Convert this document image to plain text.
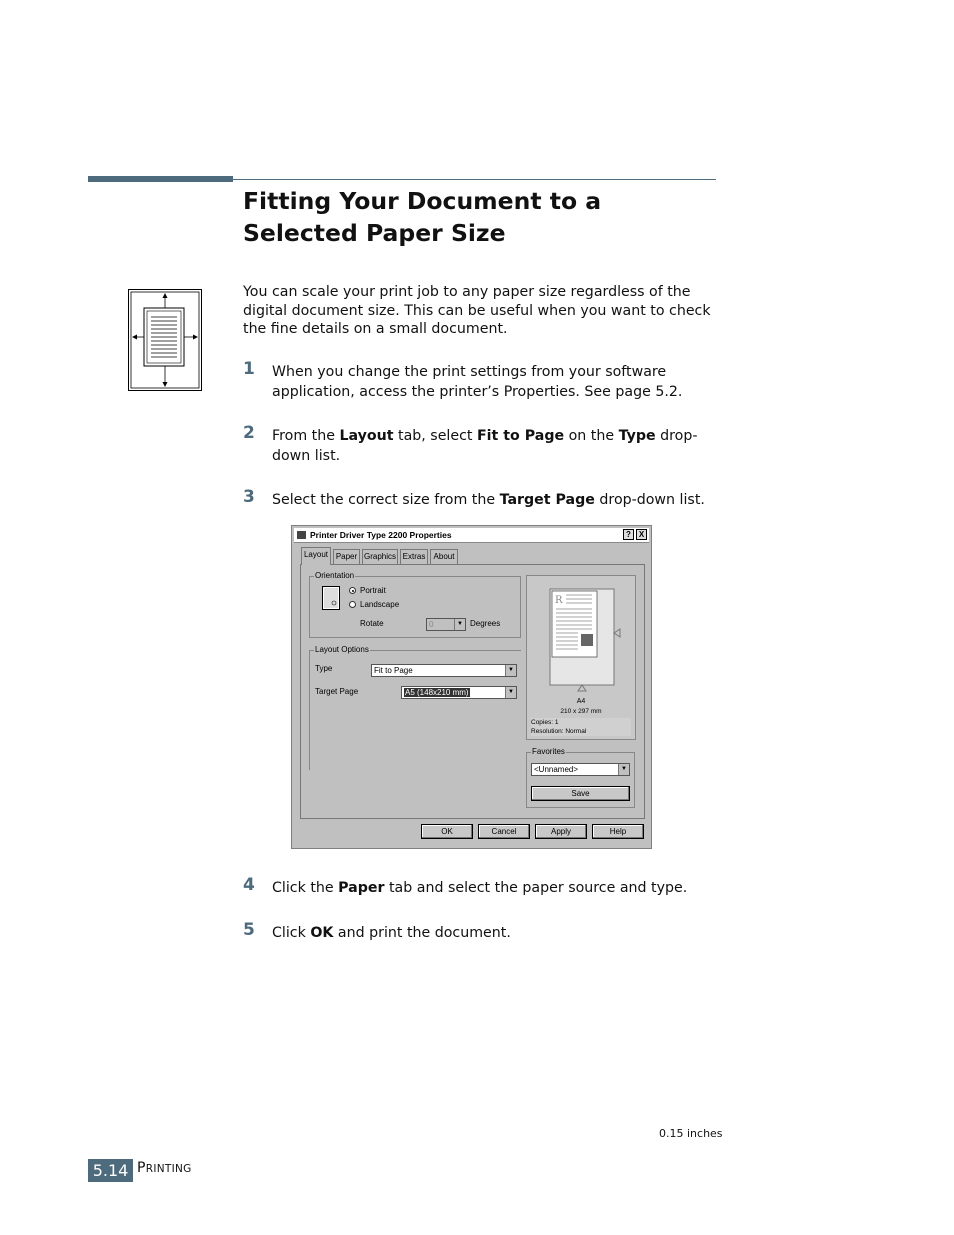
Fitting Your Document to a Selected Paper Size

You can scale your print job to any paper size regardless of the digital document size. This can be useful when you want to check the fine details on a small document.

1 When you change the print settings from your software application, access the printer’s Properties. See page 5.2.
2 From the Layout tab, select Fit to Page on the Type drop-down list.
3 Select the correct size from the Target Page drop-down list.
4 Click the Paper tab and select the paper source and type.
5 Click OK and print the document.
Printer Driver Type 2200 Properties	? X
Layout Paper Graphics Extras	About
Orientation
Portrait
Landscape
Rotate	0	▼ Degrees
Layout Options
Type	Fit to Page	▼
Target Page	A5 (148x210 mm)	▼
R
A4
210 x 297 mm
Copies: 1
Resolution: Normal
Favorites
<Unnamed>	▼
Save
OK	Cancel	Apply	Help
0.15 inches
5.14 PRINTING
